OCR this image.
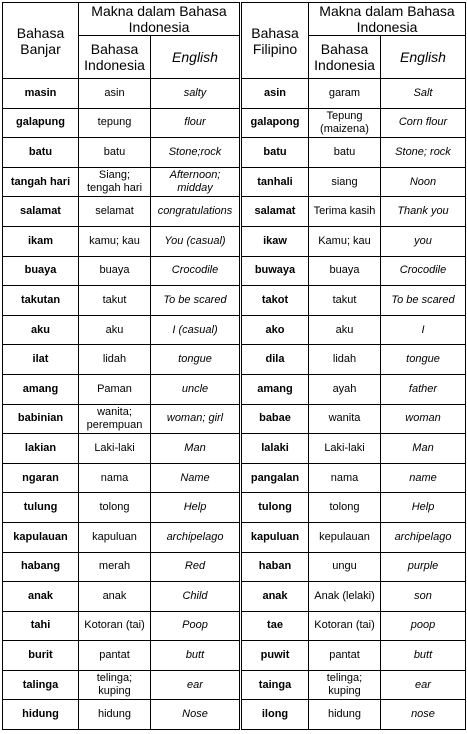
Bahasa Banjar	Makna dalam Bahasa Indonesia		Bahasa Filipino	Makna dalam Bahasa Indonesia	
	Bahasa Indonesia	English		Bahasa Indonesia	English
masin	asin	salty	asin	garam	Salt
galapung	tepung	flour	galapong	Tepung (maizena)	Corn flour
batu	batu	Stone;rock	batu	batu	Stone; rock
tangah hari	Siang; tengah hari	Afternoon; midday	tanhali	siang	Noon
salamat	selamat	congratulations	salamat	Terima kasih	Thank you
ikam	kamu; kau	You (casual)	ikaw	Kamu; kau	you
buaya	buaya	Crocodile	buwaya	buaya	Crocodile
takutan	takut	To be scared	takot	takut	To be scared
aku	aku	I (casual)	ako	aku	I
ilat	lidah	tongue	dila	lidah	tongue
amang	Paman	uncle	amang	ayah	father
babinian	wanita; perempuan	woman; girl	babae	wanita	woman
lakian	Laki-laki	Man	lalaki	Laki-laki	Man
ngaran	nama	Name	pangalan	nama	name
tulung	tolong	Help	tulong	tolong	Help
kapulauan	kapuluan	archipelago	kapuluan	kepulauan	archipelago
habang	merah	Red	haban	ungu	purple
anak	anak	Child	anak	Anak (lelaki)	son
tahi	Kotoran (tai)	Poop	tae	Kotoran (tai)	poop
burit	pantat	butt	puwit	pantat	butt
talinga	telinga; kuping	ear	tainga	telinga; kuping	ear
hidung	hidung	Nose	ilong	hidung	nose
